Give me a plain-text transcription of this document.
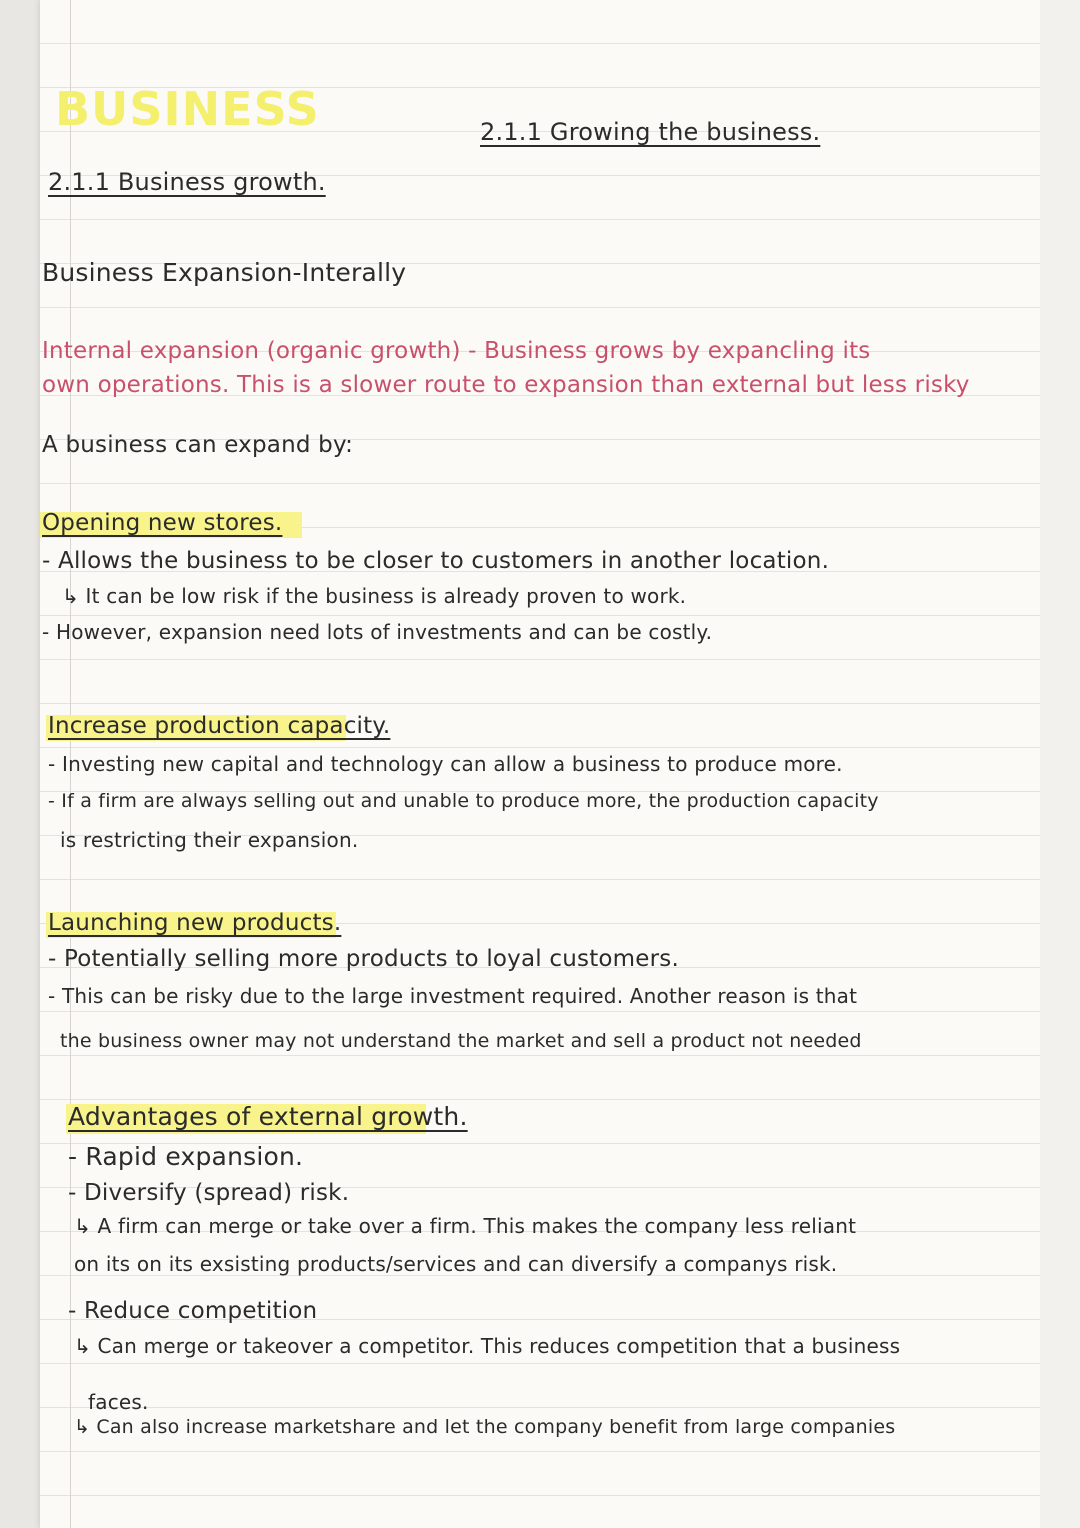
BUSINESS	2.1.1 Growing the business.
2.1.1 Business growth.
Business Expansion-Interally
Internal expansion (organic growth) - Business grows by expancling its
own operations. This is a slower route to expansion than external but less risky
A business can expand by:
Opening new stores.
- Allows the business to be closer to customers in another location.
↳ It can be low risk if the business is already proven to work.
- However, expansion need lots of investments and can be costly.
Increase production capacity.
- Investing new capital and technology can allow a business to produce more.
- If a firm are always selling out and unable to produce more, the production capacity
is restricting their expansion.
Launching new products.
- Potentially selling more products to loyal customers.
- This can be risky due to the large investment required. Another reason is that
the business owner may not understand the market and sell a product not needed
Advantages of external growth.
- Rapid expansion.
- Diversify (spread) risk.
↳ A firm can merge or take over a firm. This makes the company less reliant
on its on its exsisting products/services and can diversify a companys risk.
- Reduce competition
↳ Can merge or takeover a competitor. This reduces competition that a business
faces.
↳ Can also increase marketshare and let the company benefit from large companies
